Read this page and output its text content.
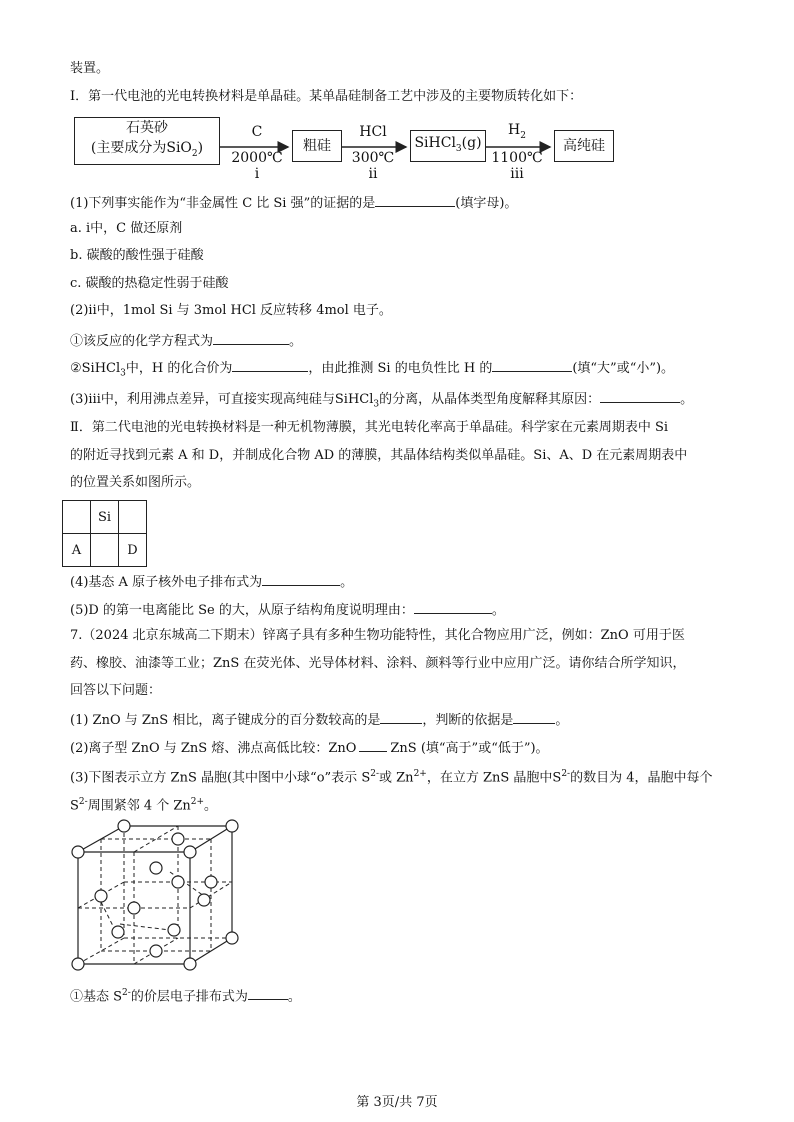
装置。
Ⅰ．第一代电池的光电转换材料是单晶硅。某单晶硅制备工艺中涉及的主要物质转化如下：
石英砂
(主要成分为SiO$_2$)	粗硅	SiHCl$_3$(g)	高纯硅
C
2000℃
i
HCl
300℃
ii
$H_2$
1100℃
iii
(1)下列事实能作为“非金属性 C 比 Si 强”的证据的是	(填字母)。
a. ⅰ中，C 做还原剂
b. 碳酸的酸性强于硅酸
c. 碳酸的热稳定性弱于硅酸
(2)ⅱ中，1mol Si 与 3mol HCl 反应转移 4mol 电子。
①该反应的化学方程式为	。
②SiHCl$_3$中，H 的化合价为	，由此推测 Si 的电负性比 H 的	(填“大”或“小”)。
(3)ⅲ中，利用沸点差异，可直接实现高纯硅与SiHCl$_3$的分离，从晶体类型角度解释其原因：	。
Ⅱ．第二代电池的光电转换材料是一种无机物薄膜，其光电转化率高于单晶硅。科学家在元素周期表中 Si
的附近寻找到元素 A 和 D，并制成化合物 AD 的薄膜，其晶体结构类似单晶硅。Si、A、D 在元素周期表中
的位置关系如图所示。
	Si	
A		D
(4)基态 A 原子核外电子排布式为	。
(5)D 的第一电离能比 Se 的大，从原子结构角度说明理由：	。
7.（2024 北京东城高二下期末）锌离子具有多种生物功能特性，其化合物应用广泛，例如：ZnO 可用于医
药、橡胶、油漆等工业；ZnS 在荧光体、光导体材料、涂料、颜料等行业中应用广泛。请你结合所学知识，
回答以下问题：
(1) ZnO 与 ZnS 相比，离子键成分的百分数较高的是	，判断的依据是	。
(2)离子型 ZnO 与 ZnS 熔、沸点高低比较：ZnO	ZnS (填“高于”或“低于”)。
(3)下图表示立方 ZnS 晶胞(其中图中小球“o”表示 $S^{2-}$或 $Zn^{2+}$，在立方 ZnS 晶胞中$S^{2-}$的数目为 4，晶胞中每个
$S^{2-}$周围紧邻 4 个 $Zn^{2+}$。
①基态 $S^{2-}$的价层电子排布式为	。
第 3页/共 7页
